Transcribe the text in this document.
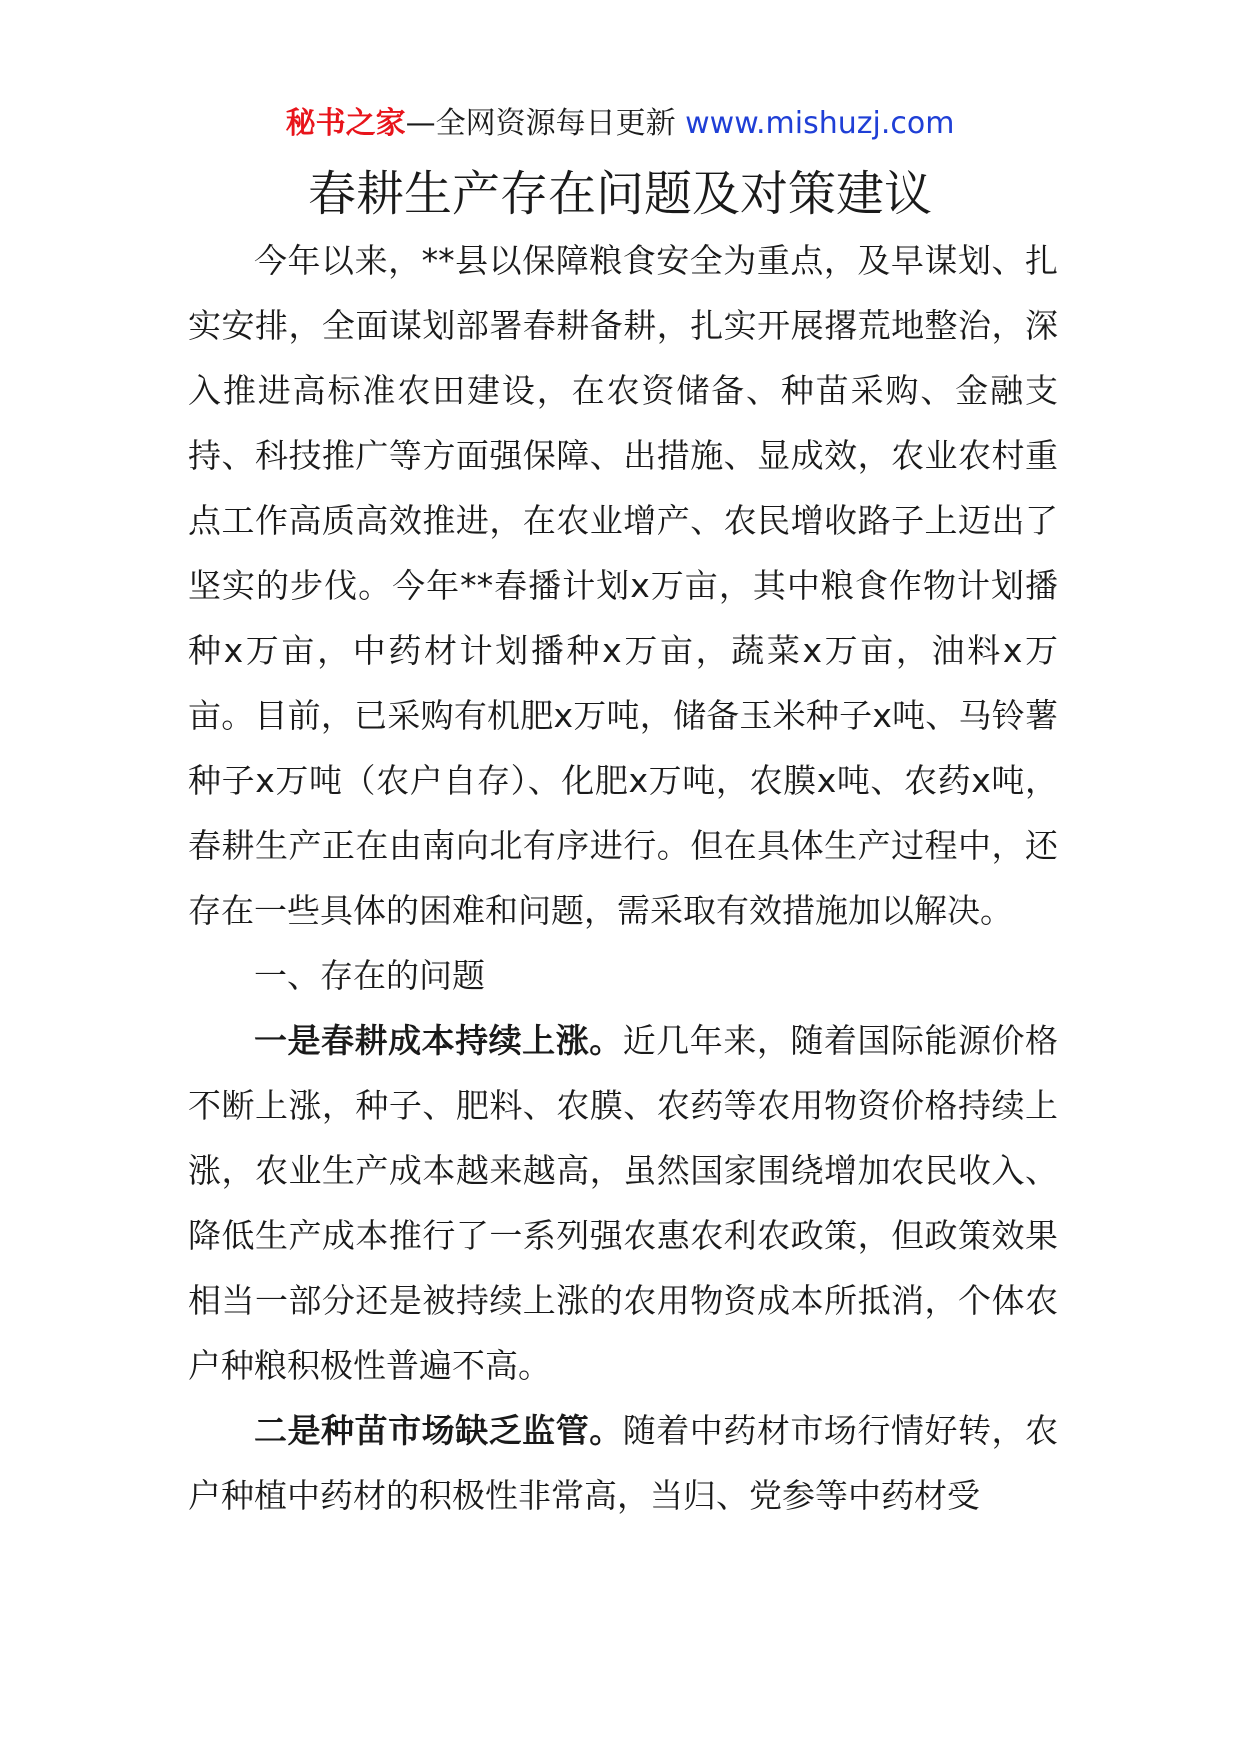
秘书之家—全网资源每日更新 www.mishuzj.com
春耕生产存在问题及对策建议

今年以来，**县以保障粮食安全为重点，及早谋划、扎实安排，全面谋划部署春耕备耕，扎实开展撂荒地整治，深入推进高标准农田建设，在农资储备、种苗采购、金融支持、科技推广等方面强保障、出措施、显成效，农业农村重点工作高质高效推进，在农业增产、农民增收路子上迈出了坚实的步伐。今年**春播计划x万亩，其中粮食作物计划播种x万亩，中药材计划播种x万亩，蔬菜x万亩，油料x万亩。目前，已采购有机肥x万吨，储备玉米种子x吨、马铃薯种子x万吨（农户自存）、化肥x万吨，农膜x吨、农药x吨，春耕生产正在由南向北有序进行。但在具体生产过程中，还存在一些具体的困难和问题，需采取有效措施加以解决。

一、存在的问题

一是春耕成本持续上涨。近几年来，随着国际能源价格不断上涨，种子、肥料、农膜、农药等农用物资价格持续上涨，农业生产成本越来越高，虽然国家围绕增加农民收入、降低生产成本推行了一系列强农惠农利农政策，但政策效果相当一部分还是被持续上涨的农用物资成本所抵消，个体农户种粮积极性普遍不高。

二是种苗市场缺乏监管。随着中药材市场行情好转，农户种植中药材的积极性非常高，当归、党参等中药材受
